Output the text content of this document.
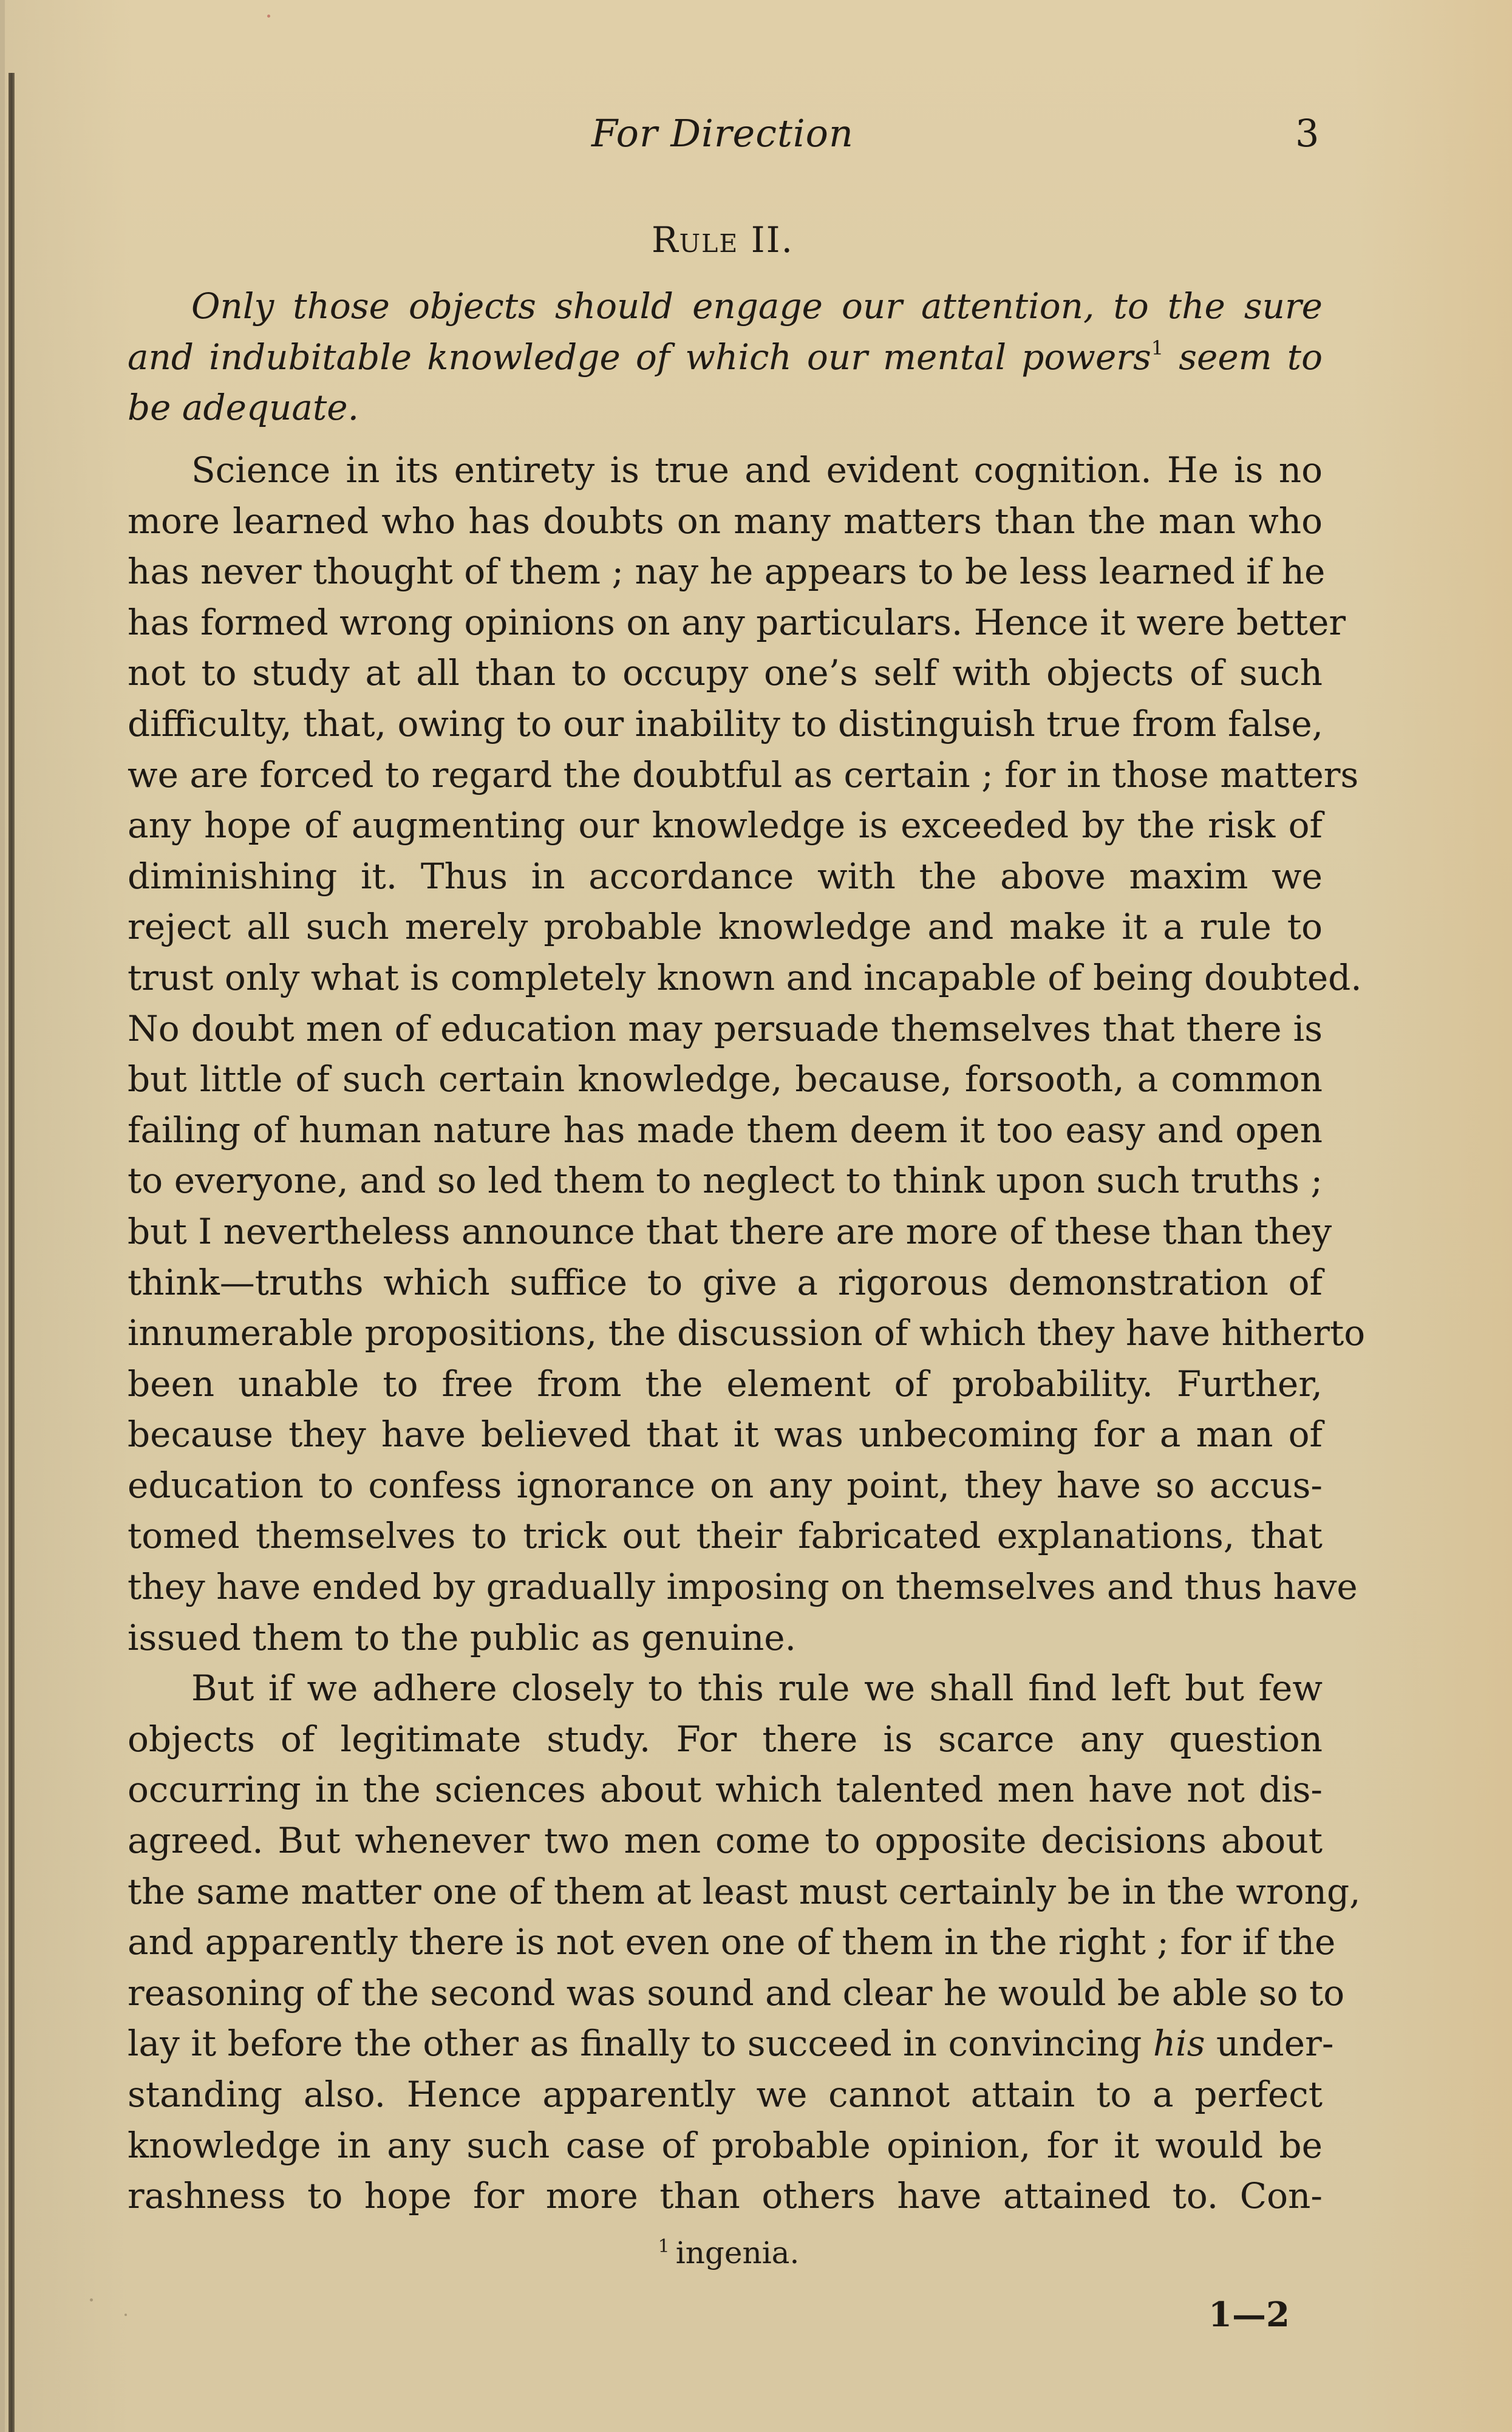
For Direction	3
Rule II.
Only those objects should engage our attention, to the sure and indubitable knowledge of which our mental powers$^1$ seem to be adequate.
Science in its entirety is true and evident cognition. He is no
more learned who has doubts on many matters than the man who
has never thought of them ; nay he appears to be less learned if he
has formed wrong opinions on any particulars. Hence it were better
not to study at all than to occupy one’s self with objects of such
difficulty, that, owing to our inability to distinguish true from false,
we are forced to regard the doubtful as certain ; for in those matters
any hope of augmenting our knowledge is exceeded by the risk of
diminishing it. Thus in accordance with the above maxim we
reject all such merely probable knowledge and make it a rule to
trust only what is completely known and incapable of being doubted.
No doubt men of education may persuade themselves that there is
but little of such certain knowledge, because, forsooth, a common
failing of human nature has made them deem it too easy and open
to everyone, and so led them to neglect to think upon such truths ;
but I nevertheless announce that there are more of these than they
think—truths which suffice to give a rigorous demonstration of
innumerable propositions, the discussion of which they have hitherto
been unable to free from the element of probability. Further,
because they have believed that it was unbecoming for a man of
education to confess ignorance on any point, they have so accus-
tomed themselves to trick out their fabricated explanations, that
they have ended by gradually imposing on themselves and thus have
issued them to the public as genuine.
But if we adhere closely to this rule we shall find left but few
objects of legitimate study. For there is scarce any question
occurring in the sciences about which talented men have not dis-
agreed. But whenever two men come to opposite decisions about
the same matter one of them at least must certainly be in the wrong,
and apparently there is not even one of them in the right ; for if the
reasoning of the second was sound and clear he would be able so to
lay it before the other as finally to succeed in convincing his under-
standing also. Hence apparently we cannot attain to a perfect
knowledge in any such case of probable opinion, for it would be
rashness to hope for more than others have attained to. Con-
$^1$ ingenia.
1—2
